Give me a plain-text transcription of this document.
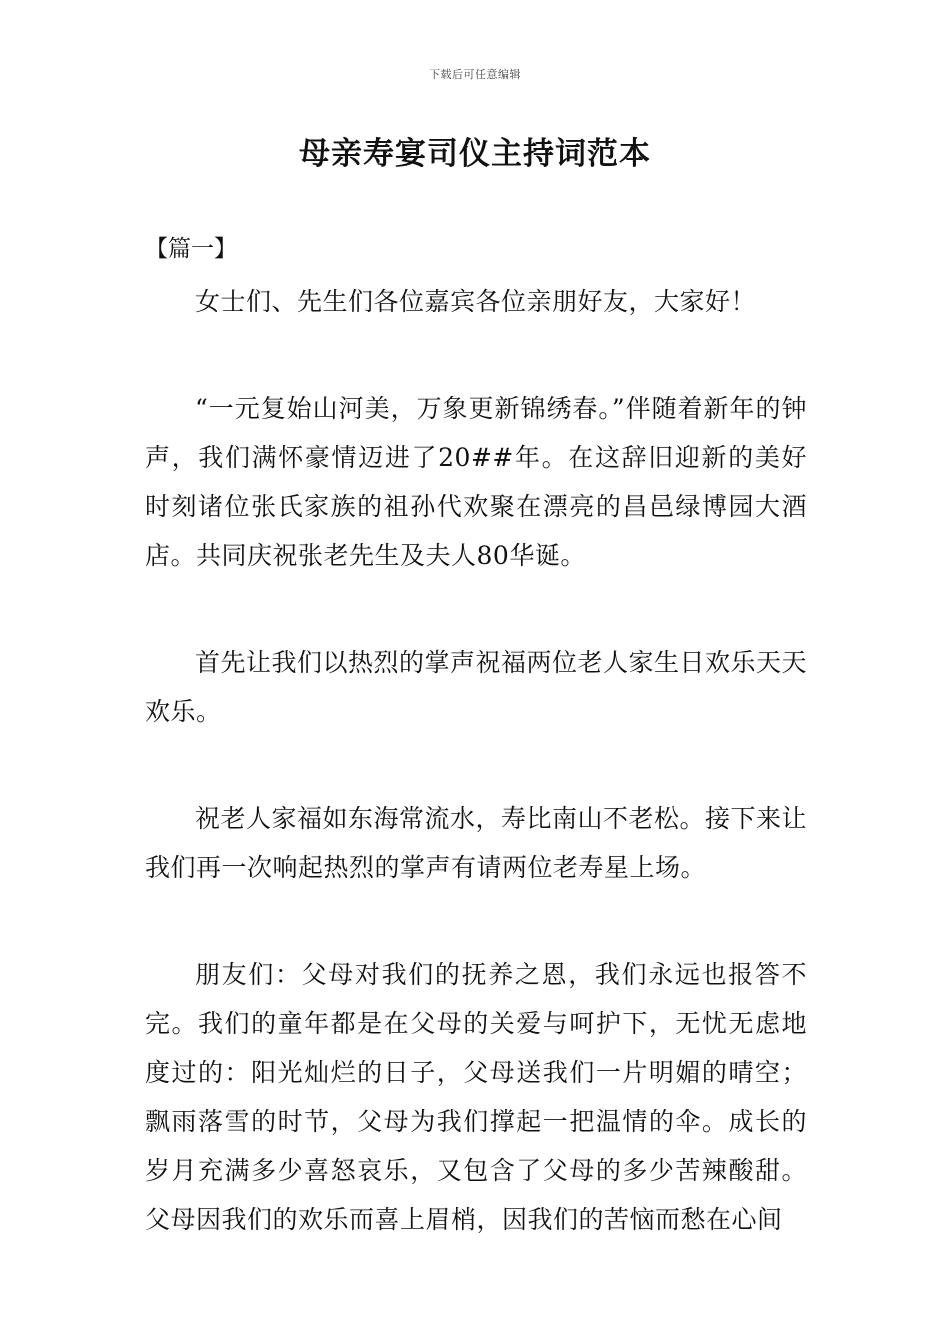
下载后可任意编辑
母亲寿宴司仪主持词范本
【篇一】

女士们、先生们各位嘉宾各位亲朋好友，大家好！

“一元复始山河美，万象更新锦绣春。”伴随着新年的钟声，我们满怀豪情迈进了20##年。在这辞旧迎新的美好时刻诸位张氏家族的祖孙代欢聚在漂亮的昌邑绿博园大酒店。共同庆祝张老先生及夫人80华诞。

首先让我们以热烈的掌声祝福两位老人家生日欢乐天天欢乐。

祝老人家福如东海常流水，寿比南山不老松。接下来让我们再一次响起热烈的掌声有请两位老寿星上场。

朋友们：父母对我们的抚养之恩，我们永远也报答不完。我们的童年都是在父母的关爱与呵护下，无忧无虑地度过的：阳光灿烂的日子，父母送我们一片明媚的晴空；飘雨落雪的时节，父母为我们撑起一把温情的伞。成长的岁月充满多少喜怒哀乐，又包含了父母的多少苦辣酸甜。父母因我们的欢乐而喜上眉梢，因我们的苦恼而愁在心间
